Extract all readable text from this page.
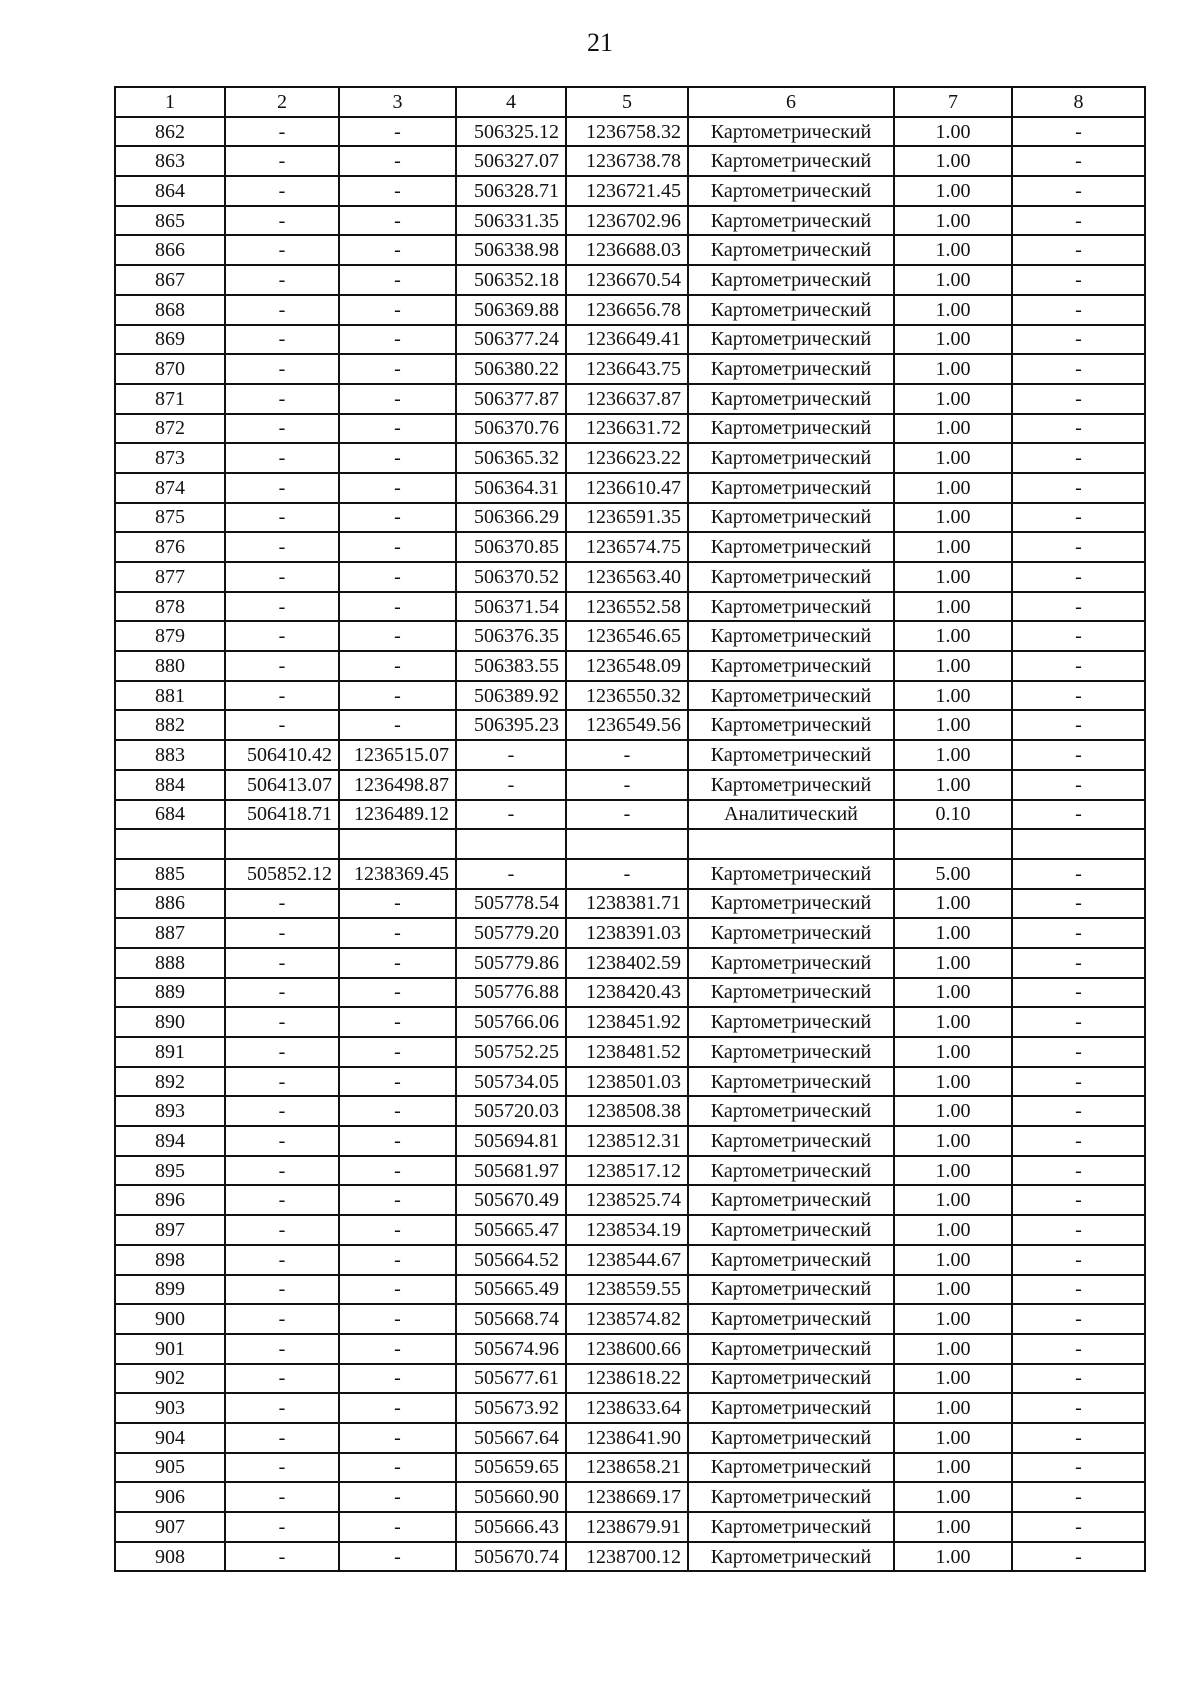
21
1	2	3	4	5	6	7	8
862	-	-	506325.12	1236758.32	Картометрический	1.00	-
863	-	-	506327.07	1236738.78	Картометрический	1.00	-
864	-	-	506328.71	1236721.45	Картометрический	1.00	-
865	-	-	506331.35	1236702.96	Картометрический	1.00	-
866	-	-	506338.98	1236688.03	Картометрический	1.00	-
867	-	-	506352.18	1236670.54	Картометрический	1.00	-
868	-	-	506369.88	1236656.78	Картометрический	1.00	-
869	-	-	506377.24	1236649.41	Картометрический	1.00	-
870	-	-	506380.22	1236643.75	Картометрический	1.00	-
871	-	-	506377.87	1236637.87	Картометрический	1.00	-
872	-	-	506370.76	1236631.72	Картометрический	1.00	-
873	-	-	506365.32	1236623.22	Картометрический	1.00	-
874	-	-	506364.31	1236610.47	Картометрический	1.00	-
875	-	-	506366.29	1236591.35	Картометрический	1.00	-
876	-	-	506370.85	1236574.75	Картометрический	1.00	-
877	-	-	506370.52	1236563.40	Картометрический	1.00	-
878	-	-	506371.54	1236552.58	Картометрический	1.00	-
879	-	-	506376.35	1236546.65	Картометрический	1.00	-
880	-	-	506383.55	1236548.09	Картометрический	1.00	-
881	-	-	506389.92	1236550.32	Картометрический	1.00	-
882	-	-	506395.23	1236549.56	Картометрический	1.00	-
883	506410.42	1236515.07	-	-	Картометрический	1.00	-
884	506413.07	1236498.87	-	-	Картометрический	1.00	-
684	506418.71	1236489.12	-	-	Аналитический	0.10	-

885	505852.12	1238369.45	-	-	Картометрический	5.00	-
886	-	-	505778.54	1238381.71	Картометрический	1.00	-
887	-	-	505779.20	1238391.03	Картометрический	1.00	-
888	-	-	505779.86	1238402.59	Картометрический	1.00	-
889	-	-	505776.88	1238420.43	Картометрический	1.00	-
890	-	-	505766.06	1238451.92	Картометрический	1.00	-
891	-	-	505752.25	1238481.52	Картометрический	1.00	-
892	-	-	505734.05	1238501.03	Картометрический	1.00	-
893	-	-	505720.03	1238508.38	Картометрический	1.00	-
894	-	-	505694.81	1238512.31	Картометрический	1.00	-
895	-	-	505681.97	1238517.12	Картометрический	1.00	-
896	-	-	505670.49	1238525.74	Картометрический	1.00	-
897	-	-	505665.47	1238534.19	Картометрический	1.00	-
898	-	-	505664.52	1238544.67	Картометрический	1.00	-
899	-	-	505665.49	1238559.55	Картометрический	1.00	-
900	-	-	505668.74	1238574.82	Картометрический	1.00	-
901	-	-	505674.96	1238600.66	Картометрический	1.00	-
902	-	-	505677.61	1238618.22	Картометрический	1.00	-
903	-	-	505673.92	1238633.64	Картометрический	1.00	-
904	-	-	505667.64	1238641.90	Картометрический	1.00	-
905	-	-	505659.65	1238658.21	Картометрический	1.00	-
906	-	-	505660.90	1238669.17	Картометрический	1.00	-
907	-	-	505666.43	1238679.91	Картометрический	1.00	-
908	-	-	505670.74	1238700.12	Картометрический	1.00	-
